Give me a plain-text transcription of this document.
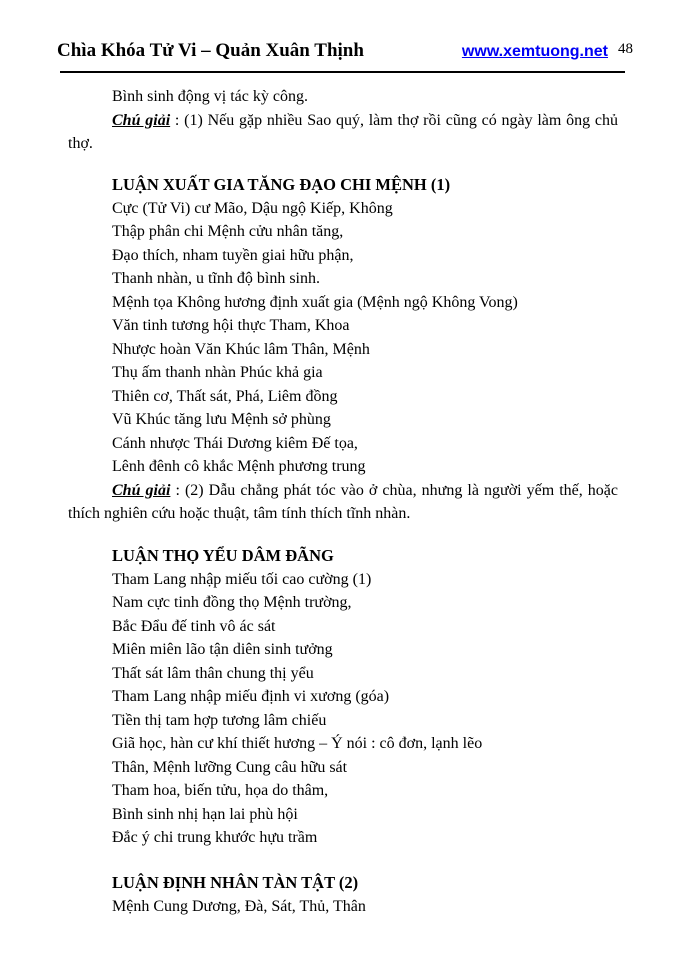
Chìa Khóa Tử Vi – Quản Xuân Thịnh	www.xemtuong.net 48

Bình sinh động vị tác kỳ công.

Chú giải : (1) Nếu gặp nhiều Sao quý, làm thợ rồi cũng có ngày làm ông chủ thợ.

LUẬN XUẤT GIA TĂNG ĐẠO CHI MỆNH (1)

Cực (Tử Vi) cư Mão, Dậu ngộ Kiếp, Không

Thập phân chi Mệnh cửu nhân tăng,

Đạo thích, nham tuyền giai hữu phận,

Thanh nhàn, u tĩnh độ bình sinh.

Mệnh tọa Không hương định xuất gia (Mệnh ngộ Không Vong)

Văn tinh tương hội thực Tham, Khoa

Nhược hoàn Văn Khúc lâm Thân, Mệnh

Thụ ấm thanh nhàn Phúc khả gia

Thiên cơ, Thất sát, Phá, Liêm đồng

Vũ Khúc tăng lưu Mệnh sở phùng

Cánh nhược Thái Dương kiêm Đế tọa,

Lênh đênh cô khắc Mệnh phương trung

Chú giải : (2) Dẫu chẳng phát tóc vào ở chùa, nhưng là người yếm thế, hoặc thích nghiên cứu hoặc thuật, tâm tính thích tĩnh nhàn.

LUẬN THỌ YỂU DÂM ĐÃNG

Tham Lang nhập miếu tối cao cường (1)

Nam cực tinh đồng thọ Mệnh trường,

Bắc Đẩu đế tinh vô ác sát

Miên miên lão tận diên sinh tưởng

Thất sát lâm thân chung thị yểu

Tham Lang nhập miếu định vi xương (góa)

Tiền thị tam hợp tương lâm chiếu

Giã học, hàn cư khí thiết hương – Ý nói : cô đơn, lạnh lẽo

Thân, Mệnh lưỡng Cung câu hữu sát

Tham hoa, biến tửu, họa do thâm,

Bình sinh nhị hạn lai phù hội

Đắc ý chi trung khước hựu trầm

LUẬN ĐỊNH NHÂN TÀN TẬT (2)

Mệnh Cung Dương, Đà, Sát, Thủ, Thân
